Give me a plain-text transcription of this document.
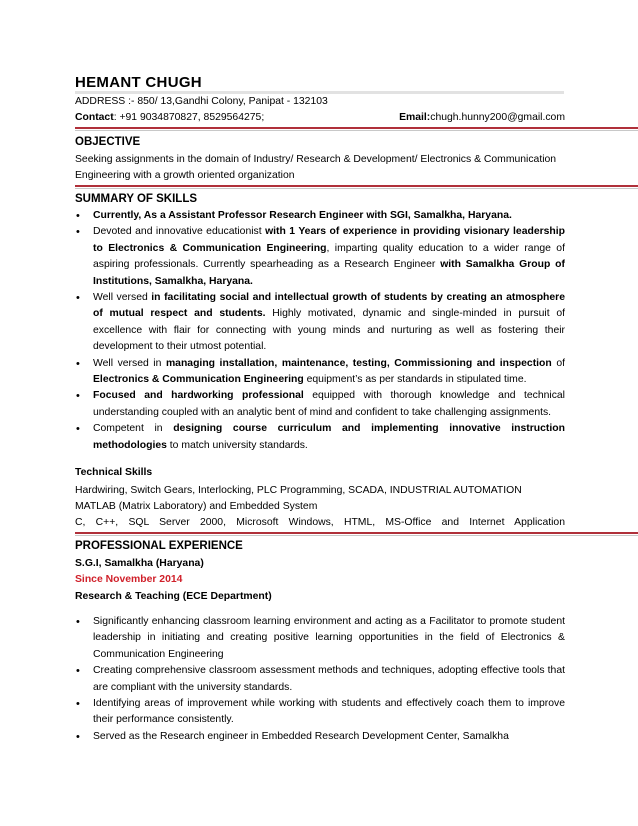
HEMANT CHUGH
ADDRESS :- 850/ 13,Gandhi Colony, Panipat - 132103
Contact: +91 9034870827, 8529564275;	Email:chugh.hunny200@gmail.com
OBJECTIVE
Seeking assignments in the domain of Industry/ Research & Development/ Electronics & Communication
Engineering with a growth oriented organization
SUMMARY OF SKILLS
• Currently, As a Assistant Professor Research Engineer with SGI, Samalkha, Haryana.
• Devoted and innovative educationist with 1 Years of experience in providing visionary leadership to Electronics & Communication Engineering, imparting quality education to a wider range of aspiring professionals. Currently spearheading as a Research Engineer with Samalkha Group of Institutions, Samalkha, Haryana.
• Well versed in facilitating social and intellectual growth of students by creating an atmosphere of mutual respect and students. Highly motivated, dynamic and single-minded in pursuit of excellence with flair for connecting with young minds and nurturing as well as fostering their development to their utmost potential.
• Well versed in managing installation, maintenance, testing, Commissioning and inspection of Electronics & Communication Engineering equipment’s as per standards in stipulated time.
• Focused and hardworking professional equipped with thorough knowledge and technical understanding coupled with an analytic bent of mind and confident to take challenging assignments.
• Competent in designing course curriculum and implementing innovative instruction methodologies to match university standards.
Technical Skills
Hardwiring, Switch Gears, Interlocking, PLC Programming, SCADA, INDUSTRIAL AUTOMATION
MATLAB (Matrix Laboratory) and Embedded System
C, C++, SQL Server 2000, Microsoft Windows, HTML, MS-Office and Internet Application
PROFESSIONAL EXPERIENCE
S.G.I, Samalkha (Haryana)
Since November 2014
Research & Teaching (ECE Department)
• Significantly enhancing classroom learning environment and acting as a Facilitator to promote student leadership in initiating and creating positive learning opportunities in the field of Electronics & Communication Engineering
• Creating comprehensive classroom assessment methods and techniques, adopting effective tools that are compliant with the university standards.
• Identifying areas of improvement while working with students and effectively coach them to improve their performance consistently.
• Served as the Research engineer in Embedded Research Development Center, Samalkha
